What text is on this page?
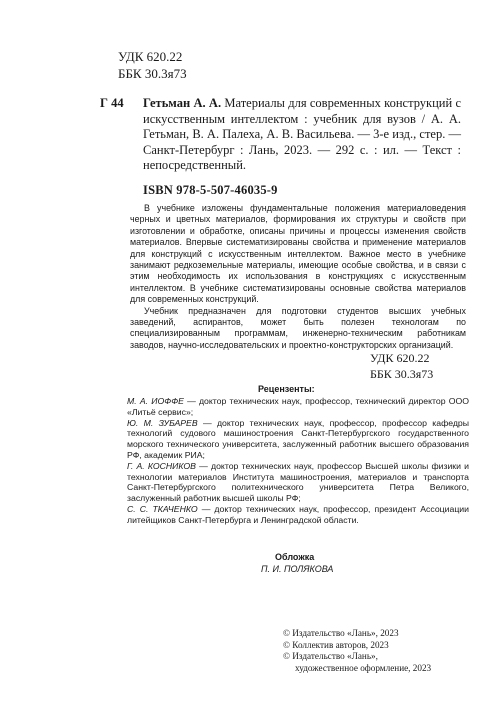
УДК 620.22
ББК 30.3я73
Г 44 Гетьман А. А. Материалы для современных конструкций с искусственным интеллектом : учебник для вузов / А. А. Гетьман, В. А. Палеха, А. В. Васильева. — 3-е изд., стер. — Санкт-Петербург : Лань, 2023. — 292 с. : ил. — Текст : непосредственный.
ISBN 978-5-507-46035-9

В учебнике изложены фундаментальные положения материаловедения черных и цветных материалов, формирования их структуры и свойств при изготовлении и обработке, описаны причины и процессы изменения свойств материалов. Впервые систематизированы свойства и применение материалов для конструкций с искусственным интеллектом. Важное место в учебнике занимают редкоземельные материалы, имеющие особые свойства, и в связи с этим необходимость их использования в конструкциях с искусственным интеллектом. В учебнике систематизированы основные свойства материалов для современных конструкций.

Учебник предназначен для подготовки студентов высших учебных заведений, аспирантов, может быть полезен технологам по специализированным программам, инженерно-техническим работникам заводов, научно-исследовательских и проектно-конструкторских организаций.

УДК 620.22
ББК 30.3я73
Рецензенты:

М. А. ИОФФЕ — доктор технических наук, профессор, технический директор ООО «Литьё сервис»;

Ю. М. ЗУБАРЕВ — доктор технических наук, профессор, профессор кафедры технологий судового машиностроения Санкт-Петербургского государственного морского технического университета, заслуженный работник высшего образования РФ, академик РИА;

Г. А. КОСНИКОВ — доктор технических наук, профессор Высшей школы физики и технологии материалов Института машиностроения, материалов и транспорта Санкт-Петербургского политехнического университета Петра Великого, заслуженный работник высшей школы РФ;

С. С. ТКАЧЕНКО — доктор технических наук, профессор, президент Ассоциации литейщиков Санкт-Петербурга и Ленинградской области.

Обложка
П. И. ПОЛЯКОВА
© Издательство «Лань», 2023
© Коллектив авторов, 2023
© Издательство «Лань»,
художественное оформление, 2023
